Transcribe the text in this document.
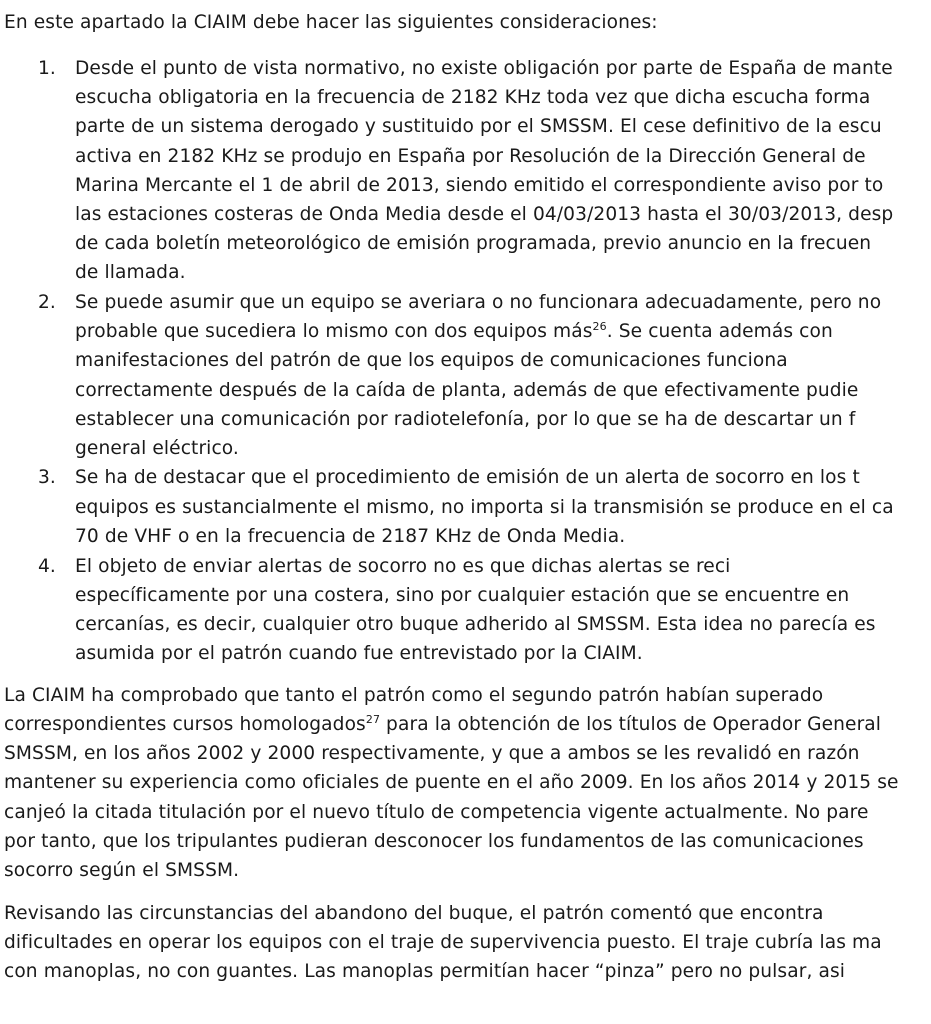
En este apartado la CIAIM debe hacer las siguientes consideraciones:
1. Desde el punto de vista normativo, no existe obligación por parte de España de mante
escucha obligatoria en la frecuencia de 2182 KHz toda vez que dicha escucha forma
parte de un sistema derogado y sustituido por el SMSSM. El cese definitivo de la escu
activa en 2182 KHz se produjo en España por Resolución de la Dirección General de
Marina Mercante el 1 de abril de 2013, siendo emitido el correspondiente aviso por to
las estaciones costeras de Onda Media desde el 04/03/2013 hasta el 30/03/2013, desp
de cada boletín meteorológico de emisión programada, previo anuncio en la frecuen
de llamada.
2. Se puede asumir que un equipo se averiara o no funcionara adecuadamente, pero no
probable que sucediera lo mismo con dos equipos más$^{26}$. Se cuenta además con
manifestaciones del patrón de que los equipos de comunicaciones funciona
correctamente después de la caída de planta, además de que efectivamente pudie
establecer una comunicación por radiotelefonía, por lo que se ha de descartar un f
general eléctrico.
3. Se ha de destacar que el procedimiento de emisión de un alerta de socorro en los t
equipos es sustancialmente el mismo, no importa si la transmisión se produce en el ca
70 de VHF o en la frecuencia de 2187 KHz de Onda Media.
4. El objeto de enviar alertas de socorro no es que dichas alertas se reci
específicamente por una costera, sino por cualquier estación que se encuentre en
cercanías, es decir, cualquier otro buque adherido al SMSSM. Esta idea no parecía es
asumida por el patrón cuando fue entrevistado por la CIAIM.
La CIAIM ha comprobado que tanto el patrón como el segundo patrón habían superado
correspondientes cursos homologados$^{27}$ para la obtención de los títulos de Operador General
SMSSM, en los años 2002 y 2000 respectivamente, y que a ambos se les revalidó en razón
mantener su experiencia como oficiales de puente en el año 2009. En los años 2014 y 2015 se
canjeó la citada titulación por el nuevo título de competencia vigente actualmente. No pare
por tanto, que los tripulantes pudieran desconocer los fundamentos de las comunicaciones
socorro según el SMSSM.
Revisando las circunstancias del abandono del buque, el patrón comentó que encontra
dificultades en operar los equipos con el traje de supervivencia puesto. El traje cubría las ma
con manoplas, no con guantes. Las manoplas permitían hacer “pinza” pero no pulsar, asi
